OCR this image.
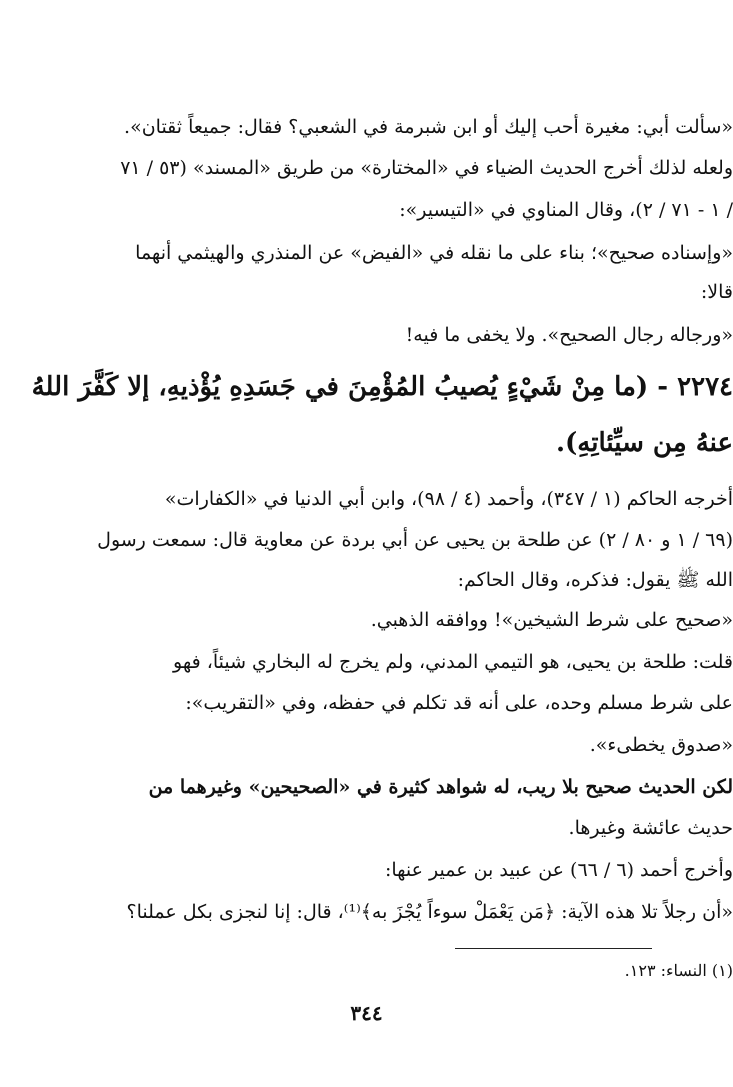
«سألت أبي: مغيرة أحب إليك أو ابن شبرمة في الشعبي؟ فقال: جميعاً ثقتان».
ولعله لذلك أخرج الحديث الضياء في «المختارة» من طريق «المسند» (٥٣ / ٧١
/ ١ - ٧١ / ٢)، وقال المناوي في «التيسير»:
«وإسناده صحيح»؛ بناء على ما نقله في «الفيض» عن المنذري والهيثمي أنهما
قالا:
«ورجاله رجال الصحيح». ولا يخفى ما فيه!
٢٢٧٤ - (ما مِنْ شَيْءٍ يُصيبُ المُؤْمِنَ في جَسَدِهِ يُؤْذيهِ، إلا كَفَّرَ اللهُ
عنهُ مِن سيِّئاتِهِ).
أخرجه الحاكم (١ / ٣٤٧)، وأحمد (٤ / ٩٨)، وابن أبي الدنيا في «الكفارات»
(٦٩ / ١ و ٨٠ / ٢) عن طلحة بن يحيى عن أبي بردة عن معاوية قال: سمعت رسول
الله ﷺ يقول: فذكره، وقال الحاكم:
«صحيح على شرط الشيخين»! ووافقه الذهبي.
قلت: طلحة بن يحيى، هو التيمي المدني، ولم يخرج له البخاري شيئاً، فهو
على شرط مسلم وحده، على أنه قد تكلم في حفظه، وفي «التقريب»:
«صدوق يخطىء».
لكن الحديث صحيح بلا ريب، له شواهد كثيرة في «الصحيحين» وغيرهما من
حديث عائشة وغيرها.
وأخرج أحمد (٦ / ٦٦) عن عبيد بن عمير عنها:
«أن رجلاً تلا هذه الآية: ﴿مَن يَعْمَلْ سوءاً يُجْزَ به﴾⁽¹⁾، قال: إنا لنجزى بكل عملنا؟
(١) النساء: ١٢٣.
٣٤٤
